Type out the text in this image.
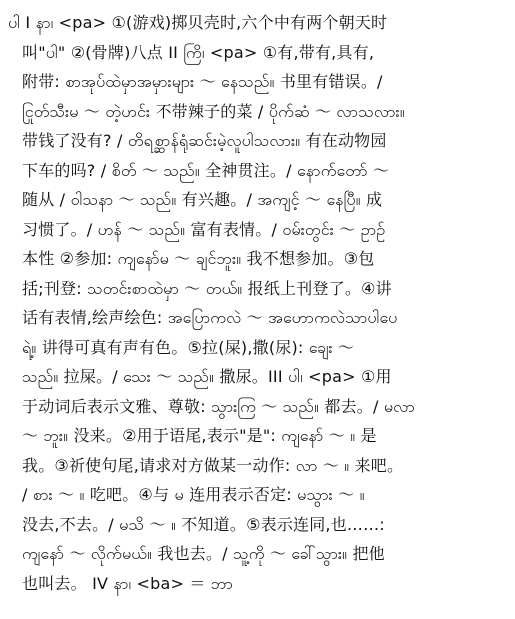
ပါ I နာ၊ <pa> ①(游戏)掷贝壳时,六个中有两个朝天时
叫"ပါ" ②(骨牌)八点 II ကြိ၊ <pa> ①有,带有,具有,
附带: စာအုပ်ထဲမှာအမှားများ ～ နေသည်။ 书里有错误。/
ငြုတ်သီးမ ～ တဲ့ဟင်း 不带辣子的菜 / ပိုက်ဆံ ～ လာသလား။
带钱了没有? / တိရစ္ဆာန်ရုံဆင်းမဲ့လူပါသလား။ 有在动物园
下车的吗? / စိတ် ～ သည်။ 全神贯注。/ နောက်တော် ～
随从 / ဝါသနာ ～ သည်။ 有兴趣。/ အကျင့် ～ နေပြီ။ 成
习惯了。/ ဟန် ～ သည်။ 富有表情。/ ဝမ်းတွင်း ～ ဥာဉ်
本性 ②参加: ကျနော်မ ～ ချင်ဘူး။ 我不想参加。③包
括;刊登: သတင်းစာထဲမှာ ～ တယ်။ 报纸上刊登了。④讲
话有表情,绘声绘色: အပြောကလဲ ～ အဟောကလဲသာပါပေ
ရဲ့။ 讲得可真有声有色。⑤拉(屎),撒(尿): ချေး ～
သည်။ 拉屎。/ သေး ～ သည်။ 撒尿。III ပါ၊ <pa> ①用
于动词后表示文雅、尊敬: သွားကြ ～ သည်။ 都去。/ မလာ
～ ဘူး။ 没来。②用于语尾,表示"是": ကျနော် ～ ။ 是
我。③祈使句尾,请求对方做某一动作: လာ ～ ။ 来吧。
/ စား ～ ။ 吃吧。④与 မ 连用表示否定: မသွား ～ ။
没去,不去。/ မသိ ～ ။ 不知道。⑤表示连同,也……:
ကျနော် ～ လိုက်မယ်။ 我也去。/ သူ့ကို ～ ခေါ်သွား။ 把他
也叫去。 IV နာ၊ <ba> ＝ ဘာ
